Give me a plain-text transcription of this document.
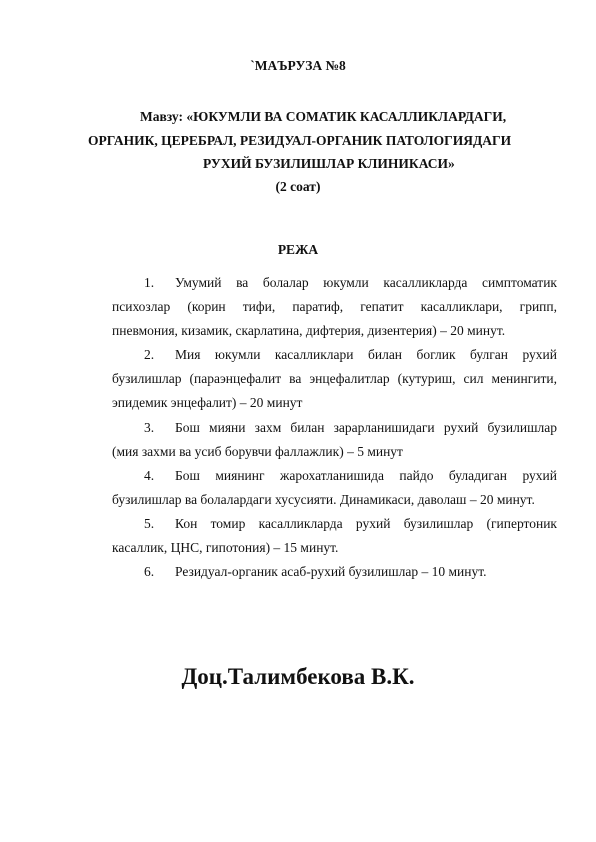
`МАЪРУЗА №8
Мавзу: «ЮКУМЛИ ВА СОМАТИК КАСАЛЛИКЛАРДАГИ,
ОРГАНИК, ЦЕРЕБРАЛ, РЕЗИДУАЛ-ОРГАНИК ПАТОЛОГИЯДАГИ
РУХИЙ БУЗИЛИШЛАР КЛИНИКАСИ»
(2 соат)
РЕЖА
1. Умумий ва болалар юкумли касалликларда симптоматик
психозлар (корин тифи, паратиф, гепатит касалликлари, грипп,
пневмония, кизамик, скарлатина, дифтерия, дизентерия) – 20 минут.
2. Мия юкумли касалликлари билан боглик булган рухий
бузилишлар (параэнцефалит ва энцефалитлар (кутуриш, сил менингити,
эпидемик энцефалит) – 20 минут
3. Бош мияни захм билан зарарланишидаги рухий бузилишлар
(мия захми ва усиб борувчи фаллажлик) – 5 минут
4. Бош миянинг жарохатланишида пайдо буладиган рухий
бузилишлар ва болалардаги хусусияти. Динамикаси, даволаш – 20 минут.
5. Кон томир касалликларда рухий бузилишлар (гипертоник
касаллик, ЦНС, гипотония) – 15 минут.
6. Резидуал-органик асаб-рухий бузилишлар – 10 минут.
Доц.Талимбекова В.К.
